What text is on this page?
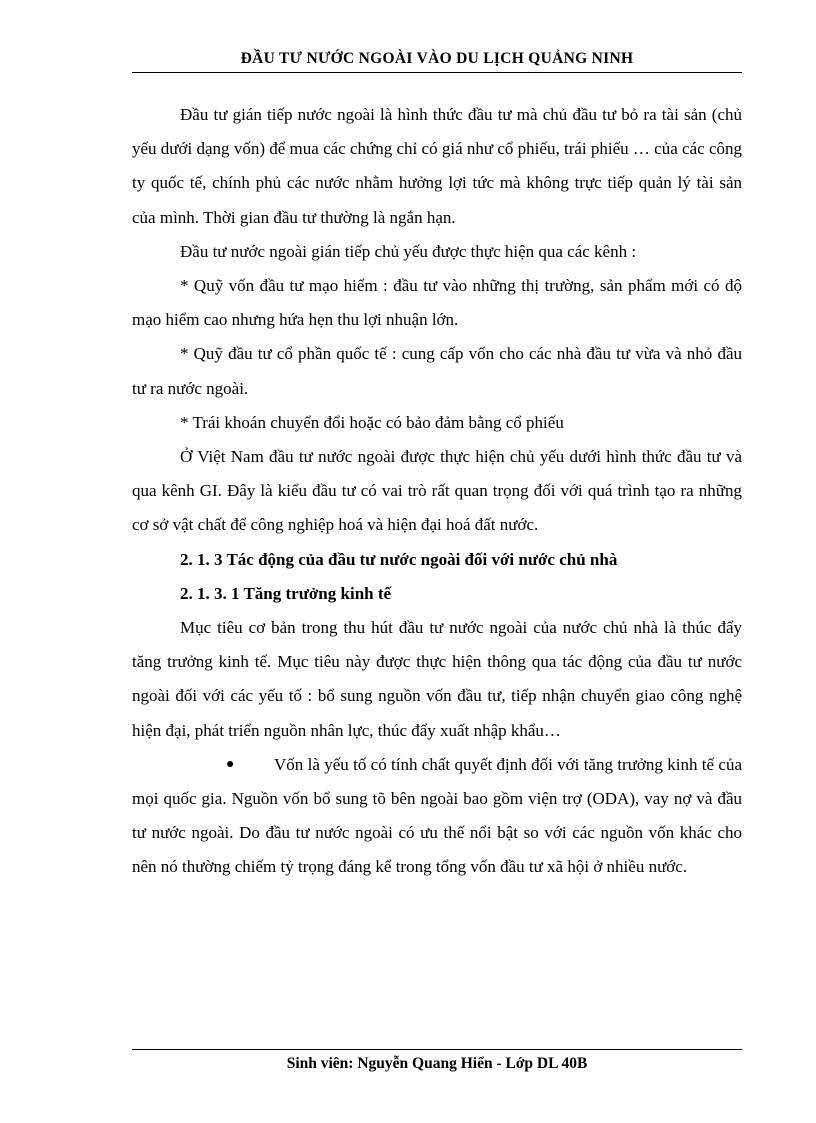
ĐẦU TƯ NƯỚC NGOÀI VÀO DU LỊCH QUẢNG NINH

Đầu tư gián tiếp nước ngoài là hình thức đầu tư mà chủ đầu tư bỏ ra tài sản (chủ yếu dưới dạng vốn) để mua các chứng chỉ có giá như cổ phiếu, trái phiếu … của các công ty quốc tế, chính phủ các nước nhằm hưởng lợi tức mà không trực tiếp quản lý tài sản của mình. Thời gian đầu tư thường là ngắn hạn.

Đầu tư nước ngoài gián tiếp chủ yếu được thực hiện qua các kênh :

* Quỹ vốn đầu tư mạo hiểm : đầu tư vào những thị trường, sản phẩm mới có độ mạo hiểm cao nhưng hứa hẹn thu lợi nhuận lớn.

* Quỹ đầu tư cổ phần quốc tế : cung cấp vốn cho các nhà đầu tư vừa và nhỏ đầu tư ra nước ngoài.

* Trái khoán chuyển đổi hoặc có bảo đảm bằng cổ phiếu

Ở Việt Nam đầu tư nước ngoài được thực hiện chủ yếu dưới hình thức đầu tư và qua kênh GI. Đây là kiểu đầu tư có vai trò rất quan trọng đối với quá trình tạo ra những cơ sở vật chất để công nghiệp hoá và hiện đại hoá đất nước.

2. 1. 3 Tác động của đầu tư nước ngoài đối với nước chủ nhà

2. 1. 3. 1 Tăng trưởng kinh tế

Mục tiêu cơ bản trong thu hút đầu tư nước ngoài của nước chủ nhà là thúc đẩy tăng trưởng kinh tế. Mục tiêu này được thực hiện thông qua tác động của đầu tư nước ngoài đối với các yếu tố : bổ sung nguồn vốn đầu tư, tiếp nhận chuyển giao công nghệ hiện đại, phát triển nguồn nhân lực, thúc đẩy xuất nhập khẩu…

●	Vốn là yếu tố có tính chất quyết định đối với tăng trưởng kinh tế của mọi quốc gia. Nguồn vốn bổ sung tõ bên ngoài bao gồm viện trợ (ODA), vay nợ và đầu tư nước ngoài. Do đầu tư nước ngoài có ưu thế nổi bật so với các nguồn vốn khác cho nên nó thường chiếm tỷ trọng đáng kể trong tổng vốn đầu tư xã hội ở nhiều nước.

Sinh viên: Nguyễn Quang Hiển - Lớp DL 40B
